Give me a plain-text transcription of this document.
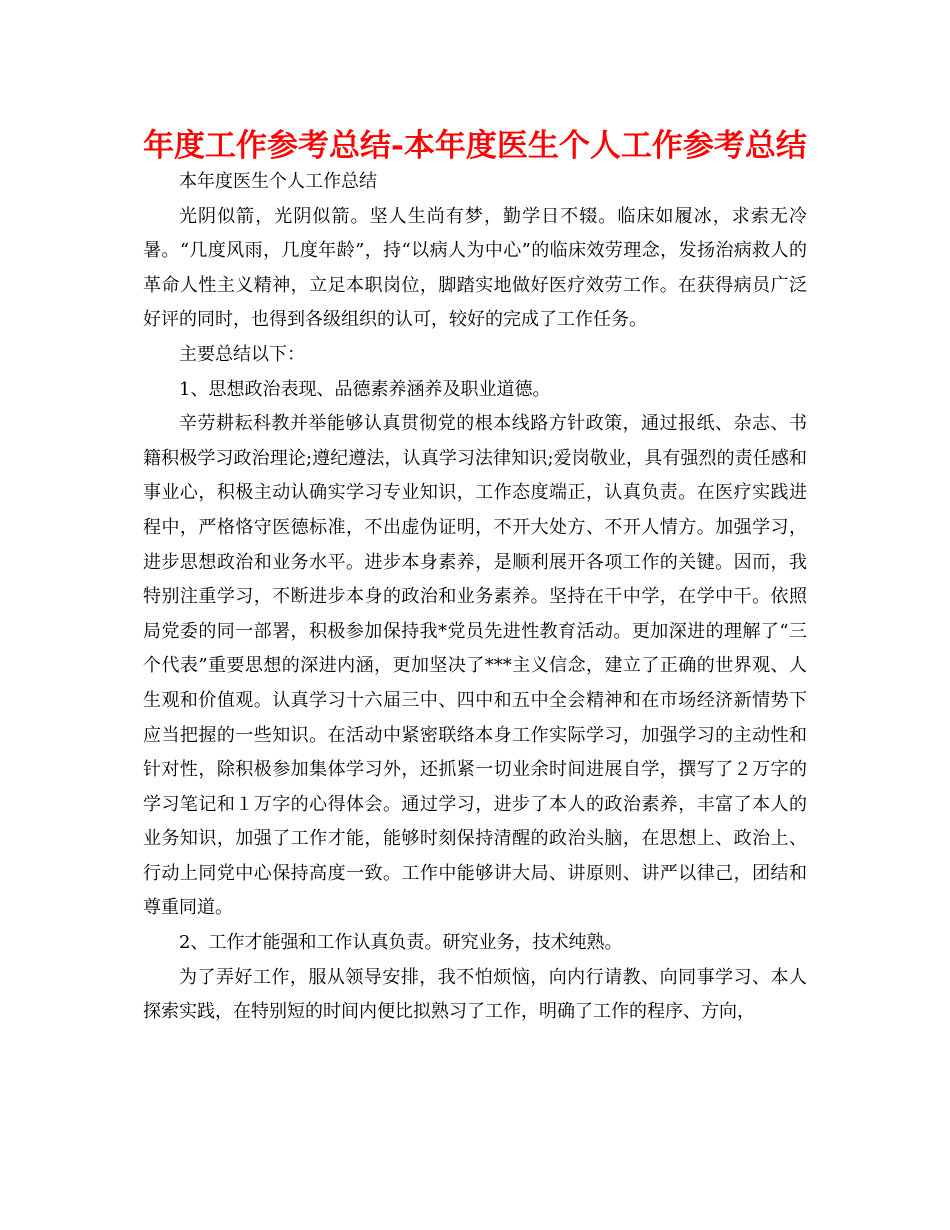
年度工作参考总结-本年度医生个人工作参考总结

本年度医生个人工作总结

光阴似箭，光阴似箭。坚人生尚有梦，勤学日不辍。临床如履冰，求索无冷暑。“几度风雨，几度年龄”，持“以病人为中心”的临床效劳理念，发扬治病救人的革命人性主义精神，立足本职岗位，脚踏实地做好医疗效劳工作。在获得病员广泛好评的同时，也得到各级组织的认可，较好的完成了工作任务。

主要总结以下：

1、思想政治表现、品德素养涵养及职业道德。

辛劳耕耘科教并举能够认真贯彻党的根本线路方针政策，通过报纸、杂志、书籍积极学习政治理论;遵纪遵法，认真学习法律知识;爱岗敬业，具有强烈的责任感和事业心，积极主动认确实学习专业知识，工作态度端正，认真负责。在医疗实践进程中，严格恪守医德标准，不出虚伪证明，不开大处方、不开人情方。加强学习，进步思想政治和业务水平。进步本身素养，是顺利展开各项工作的关键。因而，我特别注重学习，不断进步本身的政治和业务素养。坚持在干中学，在学中干。依照局党委的同一部署，积极参加保持我*党员先进性教育活动。更加深进的理解了“三个代表”重要思想的深进内涵，更加坚决了***主义信念，建立了正确的世界观、人生观和价值观。认真学习十六届三中、四中和五中全会精神和在市场经济新情势下应当把握的一些知识。在活动中紧密联络本身工作实际学习，加强学习的主动性和针对性，除积极参加集体学习外，还抓紧一切业余时间进展自学，撰写了２万字的学习笔记和１万字的心得体会。通过学习，进步了本人的政治素养，丰富了本人的业务知识，加强了工作才能，能够时刻保持清醒的政治头脑，在思想上、政治上、行动上同党中心保持高度一致。工作中能够讲大局、讲原则、讲严以律己，团结和尊重同道。

2、工作才能强和工作认真负责。研究业务，技术纯熟。

为了弄好工作，服从领导安排，我不怕烦恼，向内行请教、向同事学习、本人探索实践，在特别短的时间内便比拟熟习了工作，明确了工作的程序、方向，
